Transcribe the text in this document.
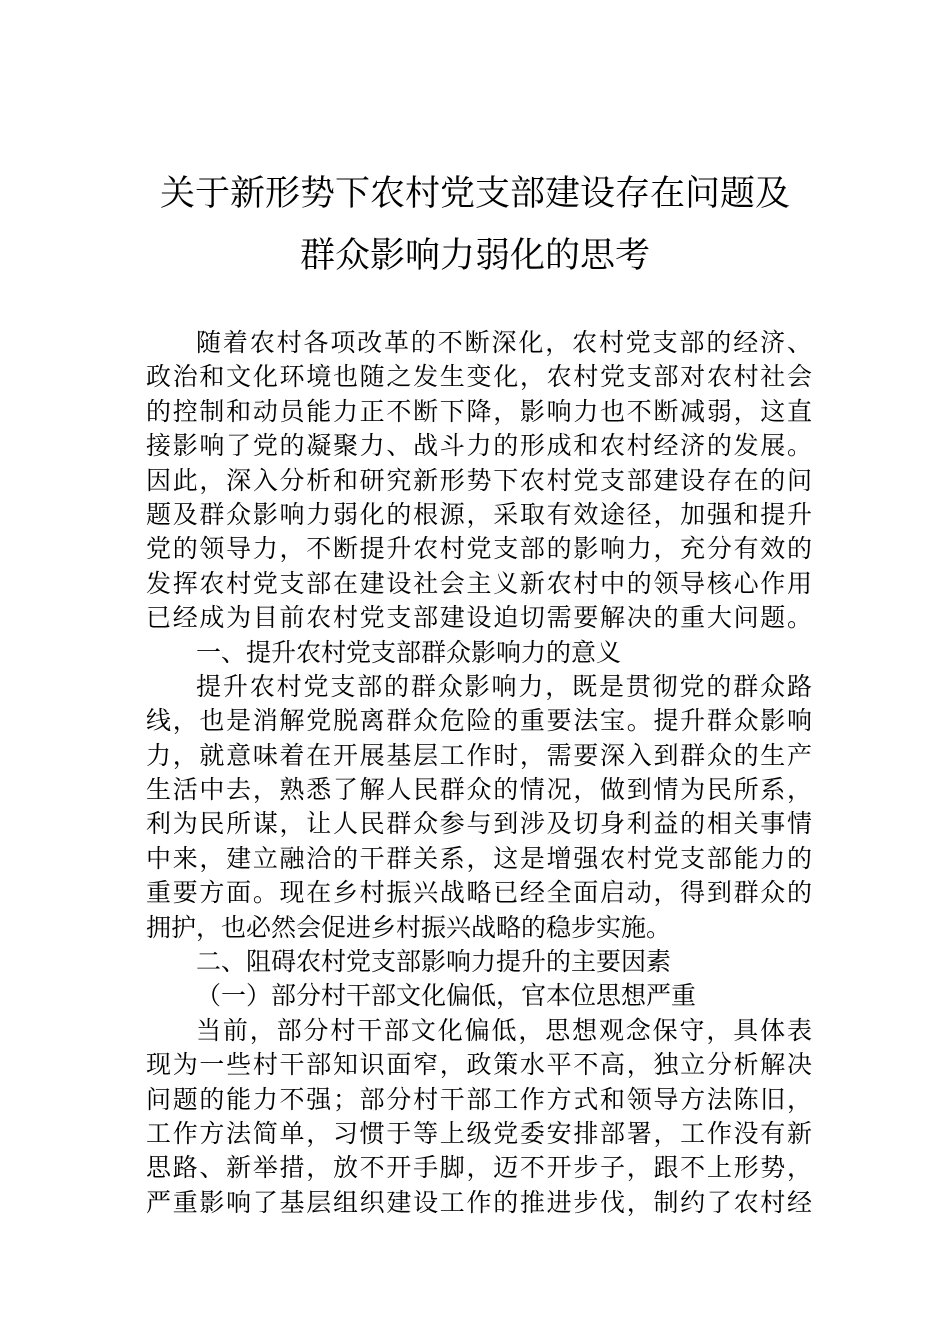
关于新形势下农村党支部建设存在问题及
群众影响力弱化的思考
随着农村各项改革的不断深化，农村党支部的经济、
政治和文化环境也随之发生变化，农村党支部对农村社会
的控制和动员能力正不断下降，影响力也不断减弱，这直
接影响了党的凝聚力、战斗力的形成和农村经济的发展。
因此，深入分析和研究新形势下农村党支部建设存在的问
题及群众影响力弱化的根源，采取有效途径，加强和提升
党的领导力，不断提升农村党支部的影响力，充分有效的
发挥农村党支部在建设社会主义新农村中的领导核心作用
已经成为目前农村党支部建设迫切需要解决的重大问题。
一、提升农村党支部群众影响力的意义
提升农村党支部的群众影响力，既是贯彻党的群众路
线，也是消解党脱离群众危险的重要法宝。提升群众影响
力，就意味着在开展基层工作时，需要深入到群众的生产
生活中去，熟悉了解人民群众的情况，做到情为民所系，
利为民所谋，让人民群众参与到涉及切身利益的相关事情
中来，建立融洽的干群关系，这是增强农村党支部能力的
重要方面。现在乡村振兴战略已经全面启动，得到群众的
拥护，也必然会促进乡村振兴战略的稳步实施。
二、阻碍农村党支部影响力提升的主要因素
（一）部分村干部文化偏低，官本位思想严重
当前，部分村干部文化偏低，思想观念保守，具体表
现为一些村干部知识面窄，政策水平不高，独立分析解决
问题的能力不强；部分村干部工作方式和领导方法陈旧，
工作方法简单，习惯于等上级党委安排部署，工作没有新
思路、新举措，放不开手脚，迈不开步子，跟不上形势，
严重影响了基层组织建设工作的推进步伐，制约了农村经
